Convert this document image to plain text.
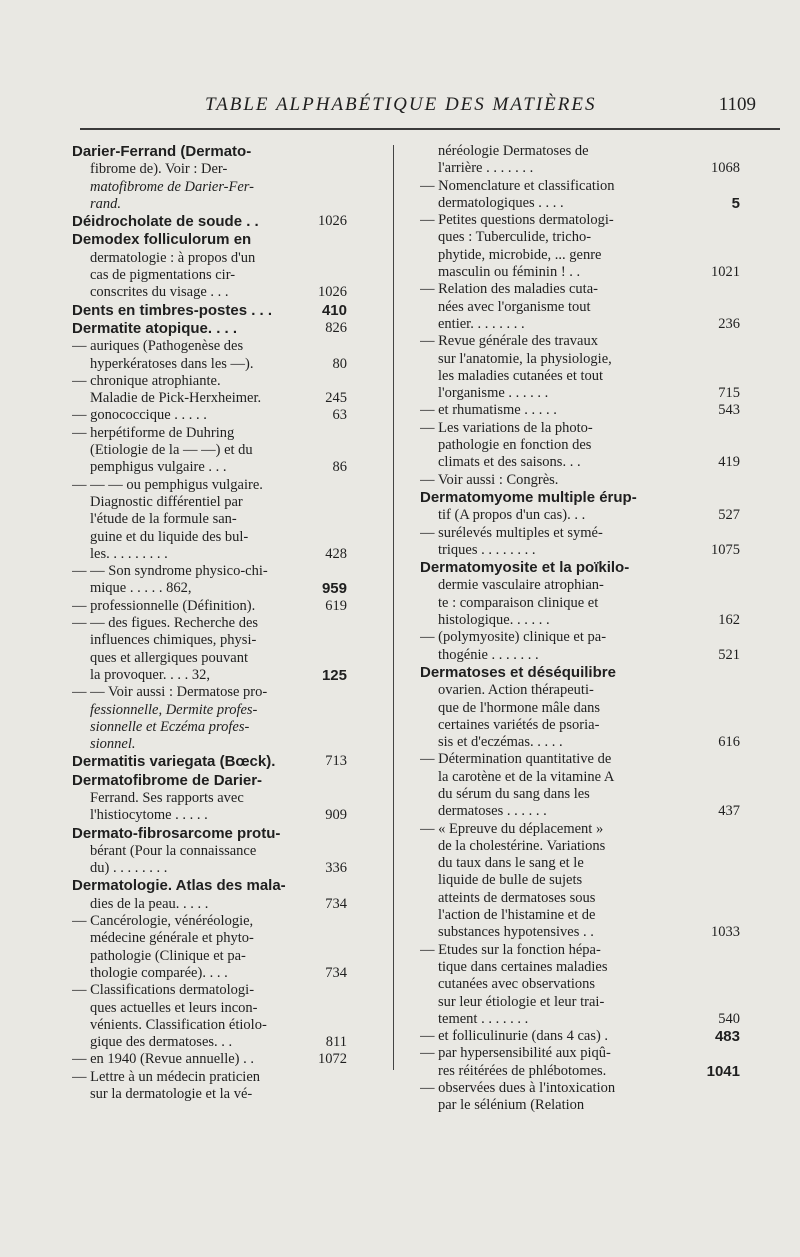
TABLE ALPHABÉTIQUE DES MATIÈRES	1109
Darier-Ferrand (Dermato-
fibrome de). Voir : Der-
matofibrome de Darier-Fer-
rand.
1026
Déidrocholate de soude . .
Demodex folliculorum en
dermatologie : à propos d'un
cas de pigmentations cir-
1026
conscrites du visage . . .
410
Dents en timbres-postes . . .
826
Dermatite atopique. . . .
— auriques (Pathogenèse des
80
hyperkératoses dans les —).
— chronique atrophiante.
245
Maladie de Pick-Herxheimer.
63
— gonococcique . . . . .
— herpétiforme de Duhring
(Etiologie de la — —) et du
86
pemphigus vulgaire . . .
— — — ou pemphigus vulgaire.
Diagnostic différentiel par
l'étude de la formule san-
guine et du liquide des bul-
428
les. . . . . . . . .
— — Son syndrome physico-chi-
959
mique . . . . . 862,
619
— professionnelle (Définition).
— — des figues. Recherche des
influences chimiques, physi-
ques et allergiques pouvant
125
la provoquer. . . . 32,
— — Voir aussi : Dermatose pro-
fessionnelle, Dermite profes-
sionnelle et Eczéma profes-
sionnel.
713
Dermatitis variegata (Bœck).
Dermatofibrome de Darier-
Ferrand. Ses rapports avec
909
l'histiocytome . . . . .
Dermato-fibrosarcome protu-
bérant (Pour la connaissance
336
du) . . . . . . . .
Dermatologie. Atlas des mala-
734
dies de la peau. . . . .
— Cancérologie, vénéréologie,
médecine générale et phyto-
pathologie (Clinique et pa-
734
thologie comparée). . . .
— Classifications dermatologi-
ques actuelles et leurs incon-
vénients. Classification étiolo-
811
gique des dermatoses. . .
1072
— en 1940 (Revue annuelle) . .
— Lettre à un médecin praticien
sur la dermatologie et la vé-
néréologie Dermatoses de
1068
l'arrière . . . . . . .
— Nomenclature et classification
5
dermatologiques . . . .
— Petites questions dermatologi-
ques : Tuberculide, tricho-
phytide, microbide, ... genre
1021
masculin ou féminin ! . .
— Relation des maladies cuta-
nées avec l'organisme tout
236
entier. . . . . . . .
— Revue générale des travaux
sur l'anatomie, la physiologie,
les maladies cutanées et tout
715
l'organisme . . . . . .
543
— et rhumatisme . . . . .
— Les variations de la photo-
pathologie en fonction des
419
climats et des saisons. . .
— Voir aussi : Congrès.
Dermatomyome multiple érup-
527
tif (A propos d'un cas). . .
— surélevés multiples et symé-
1075
triques . . . . . . . .
Dermatomyosite et la poïkilo-
dermie vasculaire atrophian-
te : comparaison clinique et
162
histologique. . . . . .
— (polymyosite) clinique et pa-
521
thogénie . . . . . . .
Dermatoses et déséquilibre
ovarien. Action thérapeuti-
que de l'hormone mâle dans
certaines variétés de psoria-
616
sis et d'eczémas. . . . .
— Détermination quantitative de
la carotène et de la vitamine A
du sérum du sang dans les
437
dermatoses . . . . . .
— « Epreuve du déplacement »
de la cholestérine. Variations
du taux dans le sang et le
liquide de bulle de sujets
atteints de dermatoses sous
l'action de l'histamine et de
1033
substances hypotensives . .
— Etudes sur la fonction hépa-
tique dans certaines maladies
cutanées avec observations
sur leur étiologie et leur trai-
540
tement . . . . . . .
483
— et folliculinurie (dans 4 cas) .
— par hypersensibilité aux piqû-
1041
res réitérées de phlébotomes.
— observées dues à l'intoxication
par le sélénium (Relation
